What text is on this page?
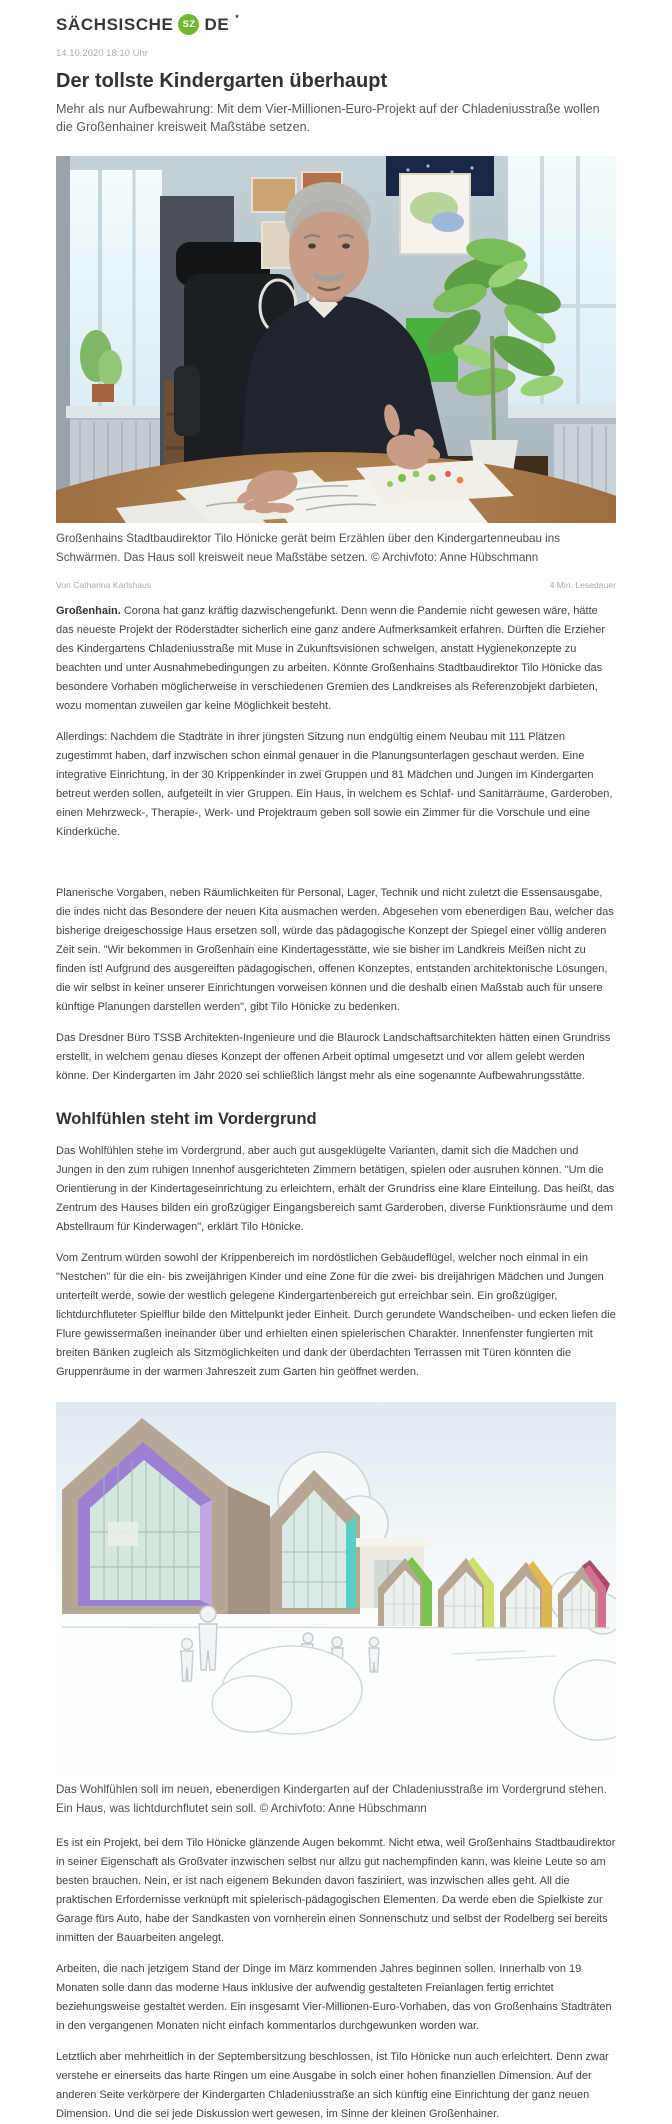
SÄCHSISCHE SZ DE *
14.10.2020 18:10 Uhr
Der tollste Kindergarten überhaupt

Mehr als nur Aufbewahrung: Mit dem Vier-Millionen-Euro-Projekt auf der Chladeniusstraße wollen die Großenhainer kreisweit Maßstäbe setzen.

Großenhains Stadtbaudirektor Tilo Hönicke gerät beim Erzählen über den Kindergartenneubau ins Schwärmen. Das Haus soll kreisweit neue Maßstäbe setzen. © Archivfoto: Anne Hübschmann
Von Catharina Karlshaus	4 Min. Lesedauer

Großenhain. Corona hat ganz kräftig dazwischengefunkt. Denn wenn die Pandemie nicht gewesen wäre, hätte das neueste Projekt der Röderstädter sicherlich eine ganz andere Aufmerksamkeit erfahren. Dürften die Erzieher des Kindergartens Chladeniusstraße mit Muse in Zukunftsvisionen schwelgen, anstatt Hygienekonzepte zu beachten und unter Ausnahmebedingungen zu arbeiten. Könnte Großenhains Stadtbaudirektor Tilo Hönicke das besondere Vorhaben möglicherweise in verschiedenen Gremien des Landkreises als Referenzobjekt darbieten, wozu momentan zuweilen gar keine Möglichkeit besteht.

Allerdings: Nachdem die Stadträte in ihrer jüngsten Sitzung nun endgültig einem Neubau mit 111 Plätzen zugestimmt haben, darf inzwischen schon einmal genauer in die Planungsunterlagen geschaut werden. Eine integrative Einrichtung, in der 30 Krippenkinder in zwei Gruppen und 81 Mädchen und Jungen im Kindergarten betreut werden sollen, aufgeteilt in vier Gruppen. Ein Haus, in welchem es Schlaf- und Sanitärräume, Garderoben, einen Mehrzweck-, Therapie-, Werk- und Projektraum geben soll sowie ein Zimmer für die Vorschule und eine Kinderküche.

Planerische Vorgaben, neben Räumlichkeiten für Personal, Lager, Technik und nicht zuletzt die Essensausgabe, die indes nicht das Besondere der neuen Kita ausmachen werden. Abgesehen vom ebenerdigen Bau, welcher das bisherige dreigeschossige Haus ersetzen soll, würde das pädagogische Konzept der Spiegel einer völlig anderen Zeit sein. "Wir bekommen in Großenhain eine Kindertagesstätte, wie sie bisher im Landkreis Meißen nicht zu finden ist! Aufgrund des ausgereiften pädagogischen, offenen Konzeptes, entstanden architektonische Lösungen, die wir selbst in keiner unserer Einrichtungen vorweisen können und die deshalb einen Maßstab auch für unsere künftige Planungen darstellen werden", gibt Tilo Hönicke zu bedenken.

Das Dresdner Büro TSSB Architekten-Ingenieure und die Blaurock Landschaftsarchitekten hätten einen Grundriss erstellt, in welchem genau dieses Konzept der offenen Arbeit optimal umgesetzt und vor allem gelebt werden könne. Der Kindergarten im Jahr 2020 sei schließlich längst mehr als eine sogenannte Aufbewahrungsstätte.

Wohlfühlen steht im Vordergrund

Das Wohlfühlen stehe im Vordergrund, aber auch gut ausgeklügelte Varianten, damit sich die Mädchen und Jungen in den zum ruhigen Innenhof ausgerichteten Zimmern betätigen, spielen oder ausruhen können. "Um die Orientierung in der Kindertageseinrichtung zu erleichtern, erhält der Grundriss eine klare Einteilung. Das heißt, das Zentrum des Hauses bilden ein großzügiger Eingangsbereich samt Garderoben, diverse Funktionsräume und dem Abstellraum für Kinderwagen", erklärt Tilo Hönicke.

Vom Zentrum würden sowohl der Krippenbereich im nordöstlichen Gebäudeflügel, welcher noch einmal in ein "Nestchen" für die ein- bis zweijährigen Kinder und eine Zone für die zwei- bis dreijährigen Mädchen und Jungen unterteilt werde, sowie der westlich gelegene Kindergartenbereich gut erreichbar sein. Ein großzügiger, lichtdurchfluteter Spielflur bilde den Mittelpunkt jeder Einheit. Durch gerundete Wandscheiben- und ecken liefen die Flure gewissermaßen ineinander über und erhielten einen spielerischen Charakter. Innenfenster fungierten mit breiten Bänken zugleich als Sitzmöglichkeiten und dank der überdachten Terrassen mit Türen könnten die Gruppenräume in der warmen Jahreszeit zum Garten hin geöffnet werden.

Das Wohlfühlen soll im neuen, ebenerdigen Kindergarten auf der Chladeniusstraße im Vordergrund stehen. Ein Haus, was lichtdurchflutet sein soll. © Archivfoto: Anne Hübschmann

Es ist ein Projekt, bei dem Tilo Hönicke glänzende Augen bekommt. Nicht etwa, weil Großenhains Stadtbaudirektor in seiner Eigenschaft als Großvater inzwischen selbst nur allzu gut nachempfinden kann, was kleine Leute so am besten brauchen. Nein, er ist nach eigenem Bekunden davon fasziniert, was inzwischen alles geht. All die praktischen Erfordernisse verknüpft mit spielerisch-pädagogischen Elementen. Da werde eben die Spielkiste zur Garage fürs Auto, habe der Sandkasten von vornherein einen Sonnenschutz und selbst der Rodelberg sei bereits inmitten der Bauarbeiten angelegt.

Arbeiten, die nach jetzigem Stand der Dinge im März kommenden Jahres beginnen sollen. Innerhalb von 19 Monaten solle dann das moderne Haus inklusive der aufwendig gestalteten Freianlagen fertig errichtet beziehungsweise gestaltet werden. Ein insgesamt Vier-Millionen-Euro-Vorhaben, das von Großenhains Stadträten in den vergangenen Monaten nicht einfach kommentarlos durchgewunken worden war.

Letztlich aber mehrheitlich in der Septembersitzung beschlossen, ist Tilo Hönicke nun auch erleichtert. Denn zwar verstehe er einerseits das harte Ringen um eine Ausgabe in solch einer hohen finanziellen Dimension. Auf der anderen Seite verkörpere der Kindergarten Chladeniusstraße an sich künftig eine Einrichtung der ganz neuen Dimension. Und die sei jede Diskussion wert gewesen, im Sinne der kleinen Großenhainer.
